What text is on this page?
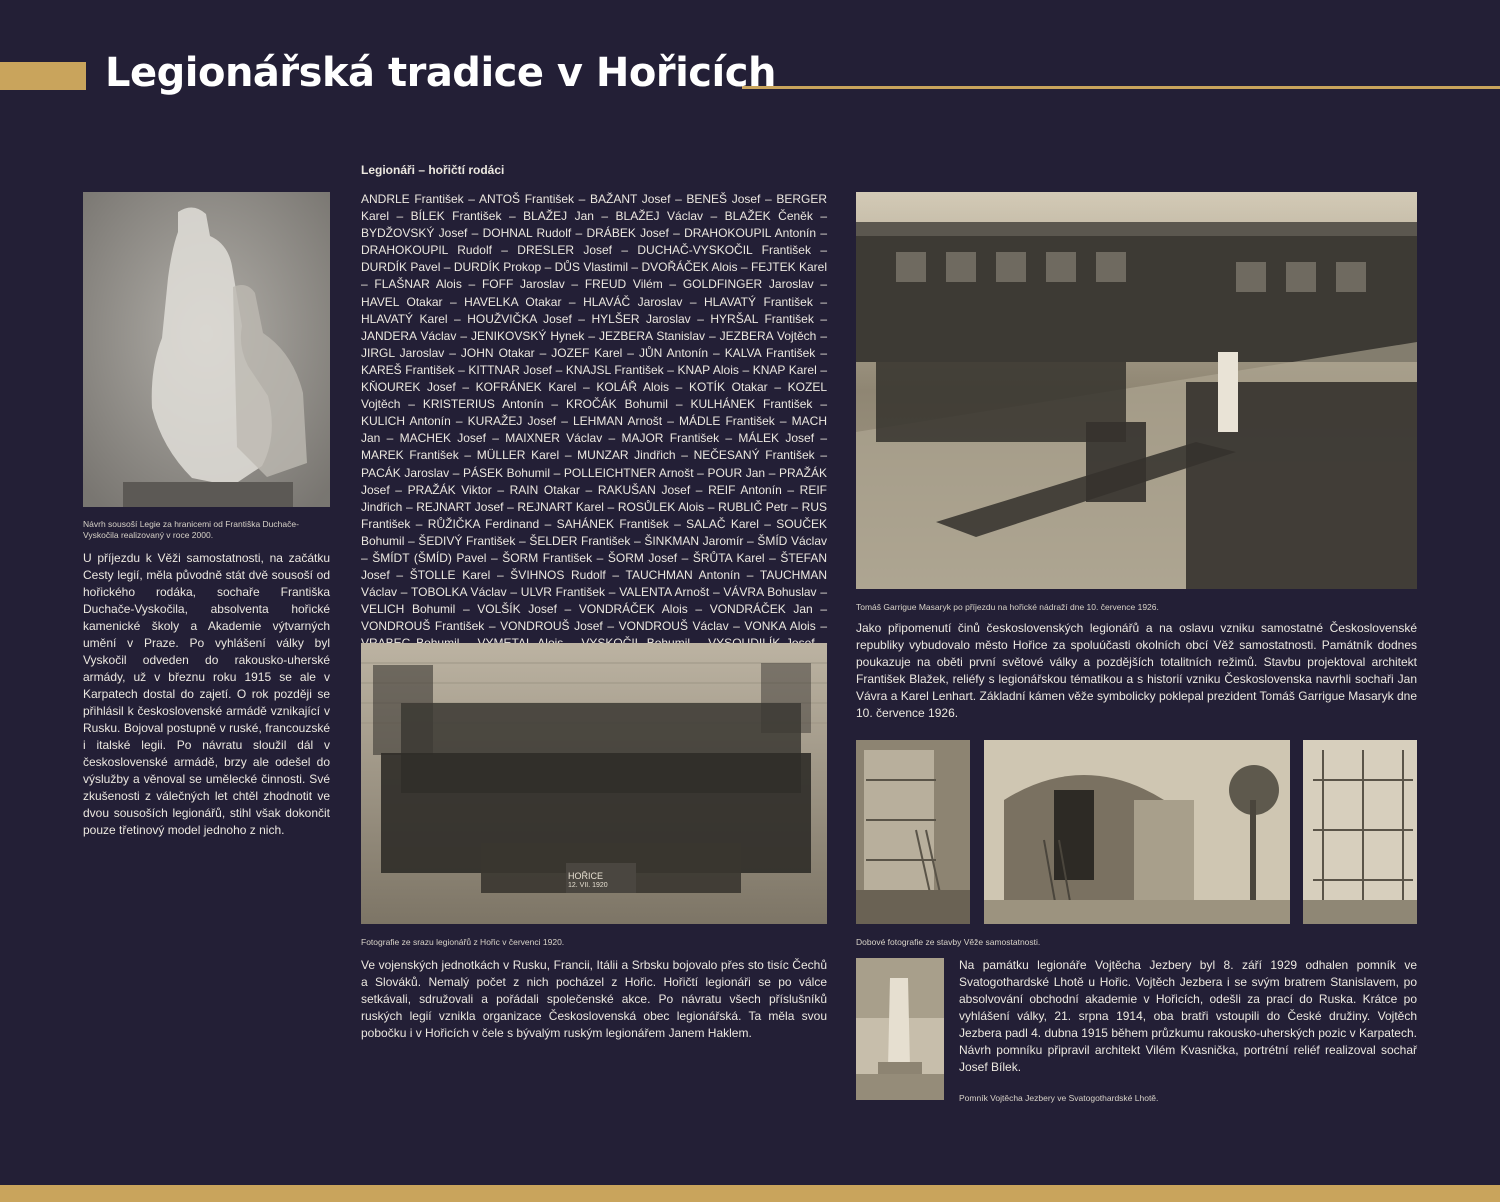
Legionářská tradice v Hořicích
Návrh sousoší Legie za hranicemi od Františka Duchače-Vyskočila realizovaný v roce 2000.
U příjezdu k Věži samostatnosti, na začátku Cesty legií, měla původně stát dvě sousoší od hořického rodáka, sochaře Františka Duchače-Vyskočila, absolventa hořické kamenické školy a Akademie výtvarných umění v Praze. Po vyhlášení války byl Vyskočil odveden do rakousko-uherské armády, už v březnu roku 1915 se ale v Karpatech dostal do zajetí. O rok později se přihlásil k československé armádě vznikající v Rusku. Bojoval postupně v ruské, francouzské i italské legii. Po návratu sloužil dál v československé armádě, brzy ale odešel do výslužby a věnoval se umělecké činnosti. Své zkušenosti z válečných let chtěl zhodnotit ve dvou sousoších legionářů, stihl však dokončit pouze třetinový model jednoho z nich.
Legionáři – hořičtí rodáci
ANDRLE František – ANTOŠ František – BAŽANT Josef – BENEŠ Josef – BERGER Karel – BÍLEK František – BLAŽEJ Jan – BLAŽEJ Václav – BLAŽEK Čeněk – BYDŽOVSKÝ Josef – DOHNAL Rudolf – DRÁBEK Josef – DRAHOKOUPIL Antonín – DRAHOKOUPIL Rudolf – DRESLER Josef – DUCHAČ-VYSKOČIL František – DURDÍK Pavel – DURDÍK Prokop – DŮS Vlastimil – DVOŘÁČEK Alois – FEJTEK Karel – FLAŠNAR Alois – FOFF Jaroslav – FREUD Vilém – GOLDFINGER Jaroslav – HAVEL Otakar – HAVELKA Otakar – HLAVÁČ Jaroslav – HLAVATÝ František – HLAVATÝ Karel – HOUŽVIČKA Josef – HYLŠER Jaroslav – HYRŠAL František – JANDERA Václav – JENIKOVSKÝ Hynek – JEZBERA Stanislav – JEZBERA Vojtěch – JIRGL Jaroslav – JOHN Otakar – JOZEF Karel – JŮN Antonín – KALVA František – KAREŠ František – KITTNAR Josef – KNAJSL František – KNAP Alois – KNAP Karel – KŇOUREK Josef – KOFRÁNEK Karel – KOLÁŘ Alois – KOTÍK Otakar – KOZEL Vojtěch – KRISTERIUS Antonín – KROČÁK Bohumil – KULHÁNEK František – KULICH Antonín – KURAŽEJ Josef – LEHMAN Arnošt – MÁDLE František – MACH Jan – MACHEK Josef – MAIXNER Václav – MAJOR František – MÁLEK Josef – MAREK František – MÜLLER Karel – MUNZAR Jindřich – NEČESANÝ František – PACÁK Jaroslav – PÁSEK Bohumil – POLLEICHTNER Arnošt – POUR Jan – PRAŽÁK Josef – PRAŽÁK Viktor – RAIN Otakar – RAKUŠAN Josef – REIF Antonín – REIF Jindřich – REJNART Josef – REJNART Karel – ROSŮLEK Alois – RUBLIČ Petr – RUS František – RŮŽIČKA Ferdinand – SAHÁNEK František – SALAČ Karel – SOUČEK Bohumil – ŠEDIVÝ František – ŠELDER František – ŠINKMAN Jaromír – ŠMÍD Václav – ŠMÍDT (ŠMÍD) Pavel – ŠORM František – ŠORM Josef – ŠRŮTA Karel – ŠTEFAN Josef – ŠTOLLE Karel – ŠVIHNOS Rudolf – TAUCHMAN Antonín – TAUCHMAN Václav – TOBOLKA Václav – ULVR František – VALENTA Arnošt – VÁVRA Bohuslav – VELICH Bohumil – VOLŠÍK Josef – VONDRÁČEK Alois – VONDRÁČEK Jan – VONDROUŠ František – VONDROUŠ Josef – VONDROUŠ Václav – VONKA Alois –
HOŘICE
12. VII. 1920
Fotografie ze srazu legionářů z Hořic v červenci 1920.
Ve vojenských jednotkách v Rusku, Francii, Itálii a Srbsku bojovalo přes sto tisíc Čechů a Slováků. Nemalý počet z nich pocházel z Hořic. Hořičtí legionáři se po válce setkávali, sdružovali a pořádali společenské akce. Po návratu všech příslušníků ruských legií vznikla organizace Československá obec legionářská. Ta měla svou pobočku i v Hořicích v čele s bývalým ruským legionářem Janem Haklem.
Tomáš Garrigue Masaryk po příjezdu na hořické nádraží dne 10. července 1926.
Jako připomenutí činů československých legionářů a na oslavu vzniku samostatné Československé republiky vybudovalo město Hořice za spoluúčasti okolních obcí Věž samostatnosti. Památník dodnes poukazuje na oběti první světové války a pozdějších totalitních režimů. Stavbu projektoval architekt František Blažek, reliéfy s legionářskou tématikou a s historií vzniku Československa navrhli sochaři Jan Vávra a Karel Lenhart. Základní kámen věže symbolicky poklepal prezident Tomáš Garrigue Masaryk dne 10. července 1926.
Dobové fotografie ze stavby Věže samostatnosti.
Na památku legionáře Vojtěcha Jezbery byl 8. září 1929 odhalen pomník ve Svatogothardské Lhotě u Hořic. Vojtěch Jezbera i se svým bratrem Stanislavem, po absolvování obchodní akademie v Hořicích, odešli za prací do Ruska. Krátce po vyhlášení války, 21. srpna 1914, oba bratři vstoupili do České družiny. Vojtěch Jezbera padl 4. dubna 1915 během průzkumu rakousko-uherských pozic v Karpatech. Návrh pomníku připravil architekt Vilém Kvasnička, portrétní reliéf realizoval sochař Josef Bílek.
Pomník Vojtěcha Jezbery ve Svatogothardské Lhotě.
